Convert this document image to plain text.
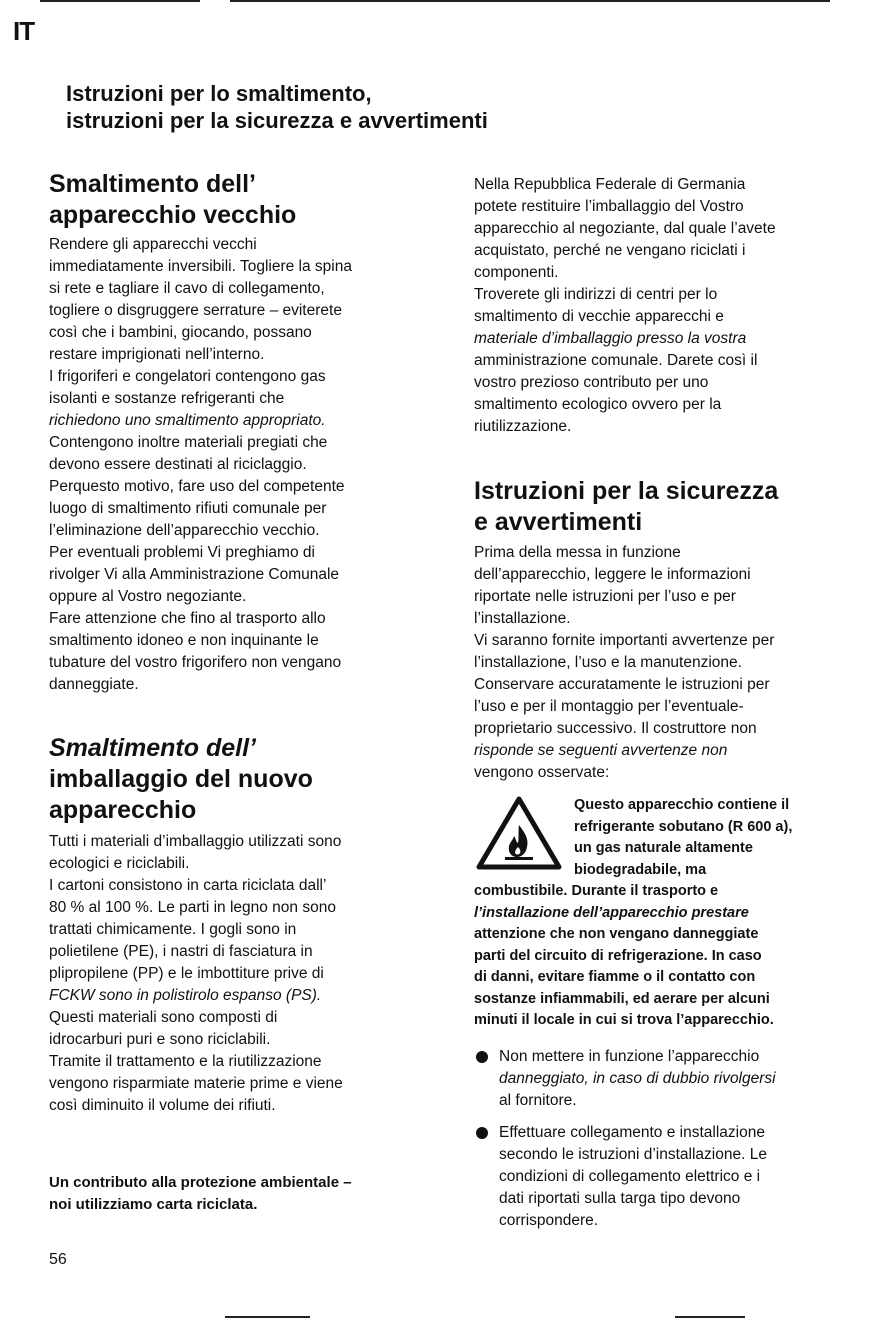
IT
Istruzioni per lo smaltimento,
istruzioni per la sicurezza e avvertimenti
Smaltimento dell’
apparecchio vecchio
Rendere gli apparecchi vecchi
immediatamente inversibili. Togliere la spina
si rete e tagliare il cavo di collegamento,
togliere o disgruggere serrature – eviterete
così che i bambini, giocando, possano
restare imprigionati nell’interno.
I frigoriferi e congelatori contengono gas
isolanti e sostanze refrigeranti che
richiedono uno smaltimento appropriato.
Contengono inoltre materiali pregiati che
devono essere destinati al riciclaggio.
Perquesto motivo, fare uso del competente
luogo di smaltimento rifiuti comunale per
l’eliminazione dell’apparecchio vecchio.
Per eventuali problemi Vi preghiamo di
rivolger Vi alla Amministrazione Comunale
oppure al Vostro negoziante.
Fare attenzione che fino al trasporto allo
smaltimento idoneo e non inquinante le
tubature del vostro frigorifero non vengano
danneggiate.
Smaltimento dell’
imballaggio del nuovo
apparecchio
Tutti i materiali d’imballaggio utilizzati sono
ecologici e riciclabili.
I cartoni consistono in carta riciclata dall’
80 % al 100 %. Le parti in legno non sono
trattati chimicamente. I gogli sono in
polietilene (PE), i nastri di fasciatura in
plipropilene (PP) e le imbottiture prive di
FCKW sono in polistirolo espanso (PS).
Questi materiali sono composti di
idrocarburi puri e sono riciclabili.
Tramite il trattamento e la riutilizzazione
vengono risparmiate materie prime e viene
così diminuito il volume dei rifiuti.
Un contributo alla protezione ambientale –
noi utilizziamo carta riciclata.
56
Nella Repubblica Federale di Germania
potete restituire l’imballaggio del Vostro
apparecchio al negoziante, dal quale l’avete
acquistato, perché ne vengano riciclati i
componenti.
Troverete gli indirizzi di centri per lo
smaltimento di vecchie apparecchi e
materiale d’imballaggio presso la vostra
amministrazione comunale. Darete così il
vostro prezioso contributo per uno
smaltimento ecologico ovvero per la
riutilizzazione.
Istruzioni per la sicurezza
e avvertimenti
Prima della messa in funzione
dell’apparecchio, leggere le informazioni
riportate nelle istruzioni per l’uso e per
l’installazione.
Vi saranno fornite importanti avvertenze per
l’installazione, l’uso e la manutenzione.
Conservare accuratamente le istruzioni per
l’uso e per il montaggio per l’eventuale-
proprietario successivo. Il costruttore non
risponde se seguenti avvertenze non
vengono osservate:
Questo apparecchio contiene il
refrigerante sobutano (R 600 a),
un gas naturale altamente
biodegradabile, ma
combustibile. Durante il trasporto e
l’installazione dell’apparecchio prestare
attenzione che non vengano danneggiate
parti del circuito di refrigerazione. In caso
di danni, evitare fiamme o il contatto con
sostanze infiammabili, ed aerare per alcuni
minuti il locale in cui si trova l’apparecchio.
Non mettere in funzione l’apparecchio
danneggiato, in caso di dubbio rivolgersi
al fornitore.
Effettuare collegamento e installazione
secondo le istruzioni d’installazione. Le
condizioni di collegamento elettrico e i
dati riportati sulla targa tipo devono
corrispondere.
